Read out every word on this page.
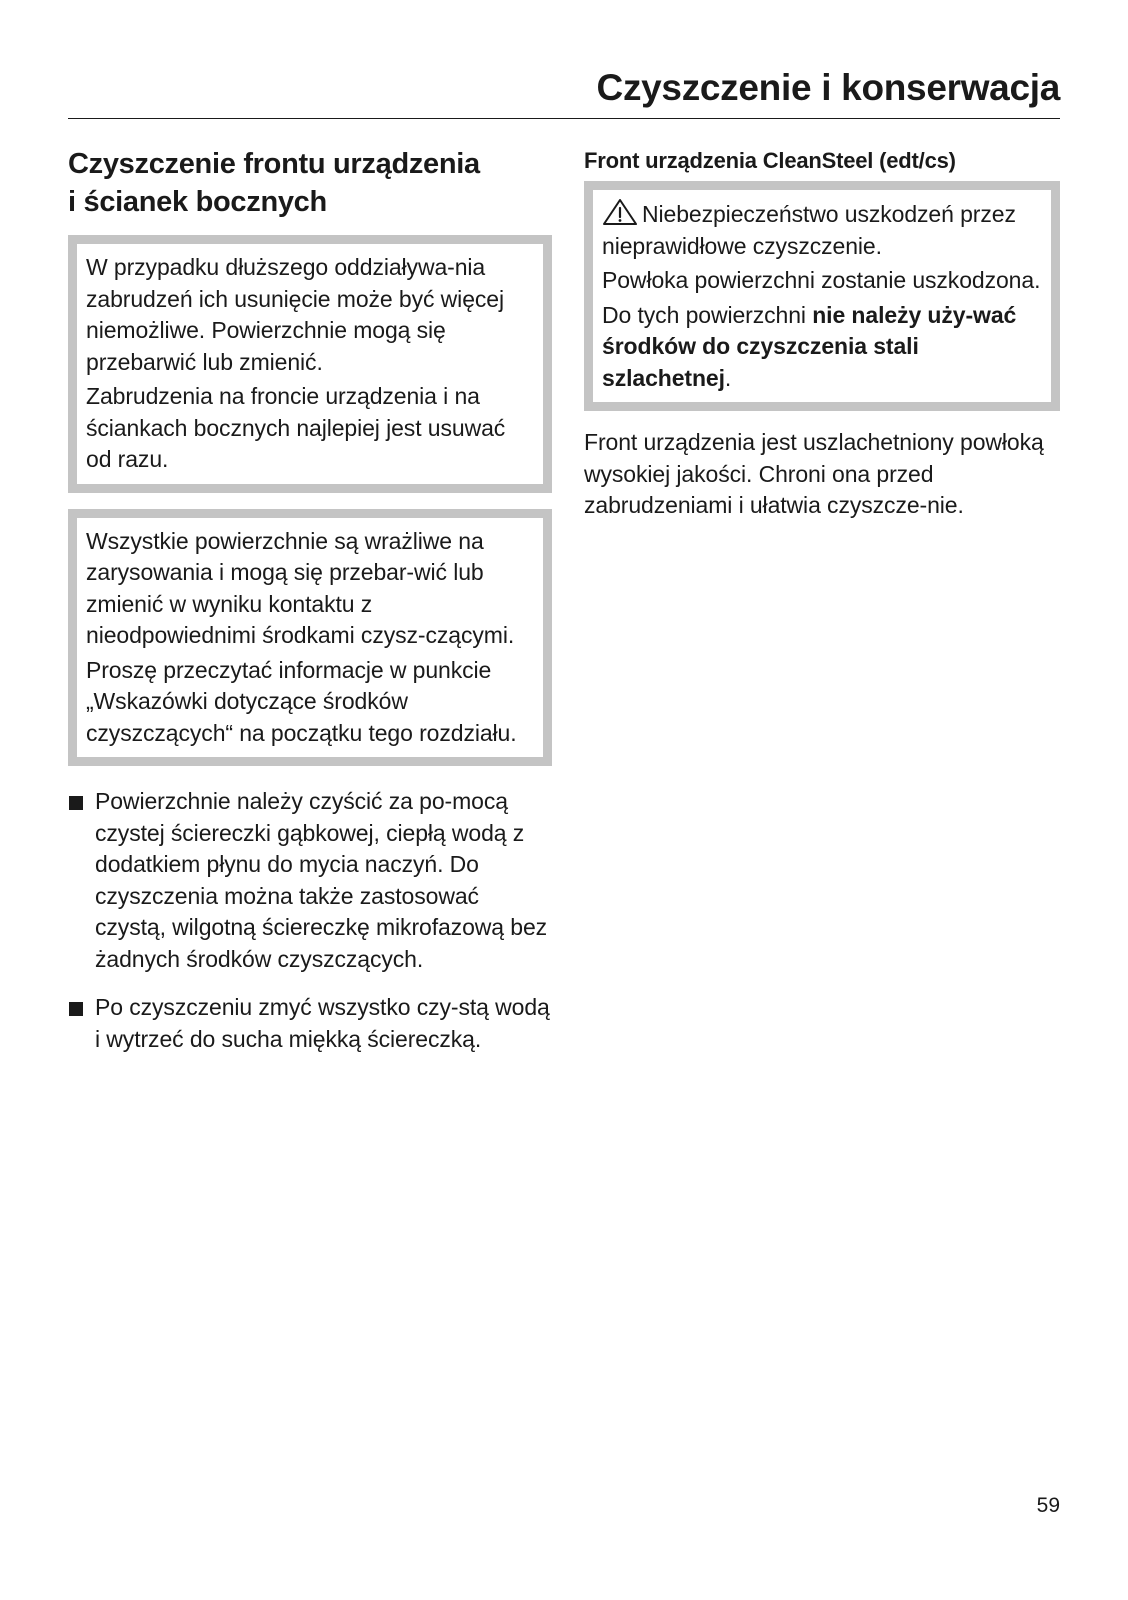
Czyszczenie i konserwacja
Czyszczenie frontu urządzenia
i ścianek bocznych

W przypadku dłuższego oddziaływa-nia zabrudzeń ich usunięcie może być więcej niemożliwe. Powierzchnie mogą się przebarwić lub zmienić.

Zabrudzenia na froncie urządzenia i na ściankach bocznych najlepiej jest usuwać od razu.

Wszystkie powierzchnie są wrażliwe na zarysowania i mogą się przebar-wić lub zmienić w wyniku kontaktu z nieodpowiednimi środkami czysz-czącymi.

Proszę przeczytać informacje w punkcie „Wskazówki dotyczące środków czyszczących“ na początku tego rozdziału.

Powierzchnie należy czyścić za po-mocą czystej ściereczki gąbkowej, ciepłą wodą z dodatkiem płynu do mycia naczyń. Do czyszczenia można także zastosować czystą, wilgotną ściereczkę mikrofazową bez żadnych środków czyszczących.
Po czyszczeniu zmyć wszystko czy-stą wodą i wytrzeć do sucha miękką ściereczką.
Front urządzenia CleanSteel (edt/cs)

Niebezpieczeństwo uszkodzeń przez nieprawidłowe czyszczenie.

Powłoka powierzchni zostanie uszkodzona.

Do tych powierzchni nie należy uży-wać środków do czyszczenia stali szlachetnej.

Front urządzenia jest uszlachetniony powłoką wysokiej jakości. Chroni ona przed zabrudzeniami i ułatwia czyszcze-nie.

59
